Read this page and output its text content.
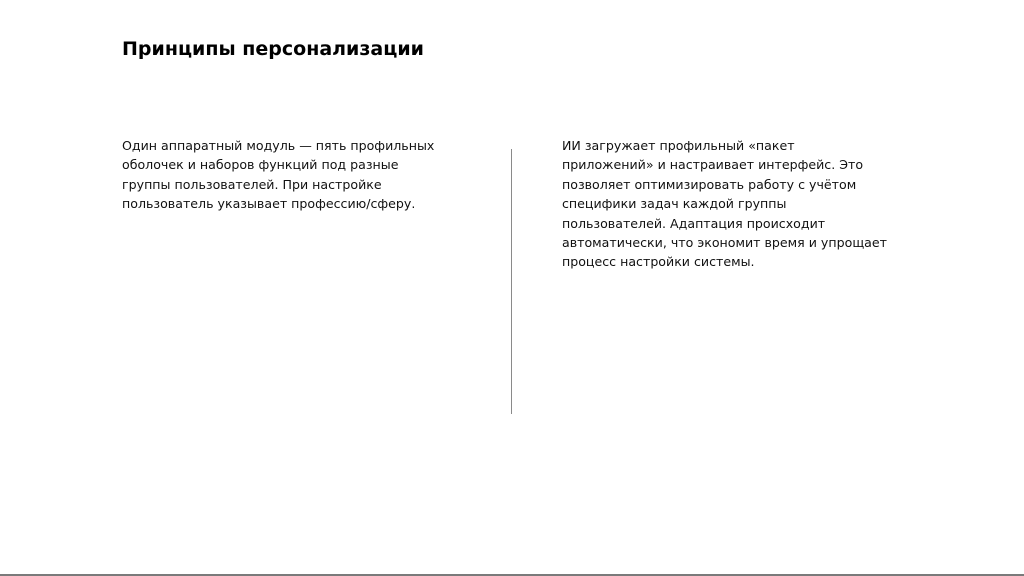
Принципы персонализации
Один аппаратный модуль — пять профильных
оболочек и наборов функций под разные
группы пользователей. При настройке
пользователь указывает профессию/сферу.
ИИ загружает профильный «пакет
приложений» и настраивает интерфейс. Это
позволяет оптимизировать работу с учётом
специфики задач каждой группы
пользователей. Адаптация происходит
автоматически, что экономит время и упрощает
процесс настройки системы.
